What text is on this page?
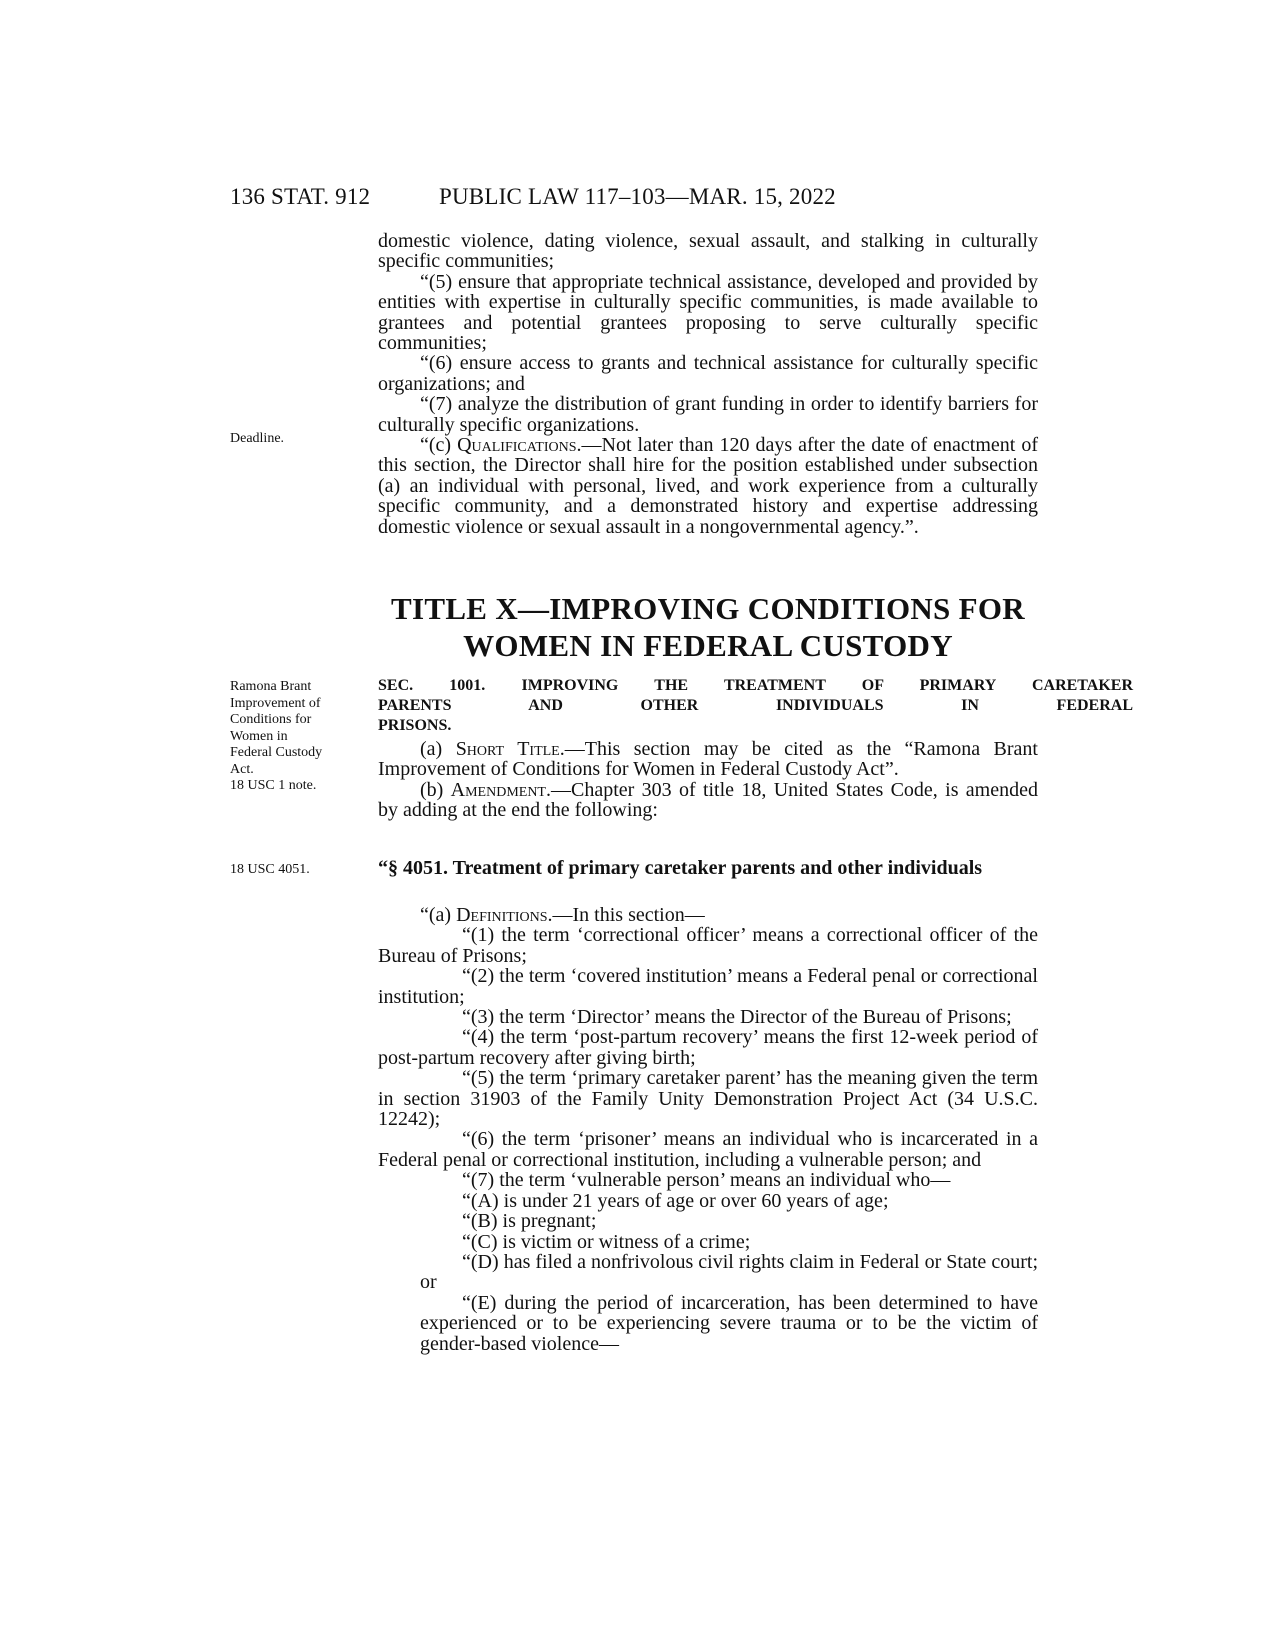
136 STAT. 912	PUBLIC LAW 117–103—MAR. 15, 2022

domestic violence, dating violence, sexual assault, and stalking in culturally specific communities;

“(5) ensure that appropriate technical assistance, developed and provided by entities with expertise in culturally specific communities, is made available to grantees and potential grantees proposing to serve culturally specific communities;

“(6) ensure access to grants and technical assistance for culturally specific organizations; and

“(7) analyze the distribution of grant funding in order to identify barriers for culturally specific organizations.

“(c) Qualifications.—Not later than 120 days after the date of enactment of this section, the Director shall hire for the position established under subsection (a) an individual with personal, lived, and work experience from a culturally specific community, and a demonstrated history and expertise addressing domestic violence or sexual assault in a nongovernmental agency.”.

Deadline.
TITLE X—IMPROVING CONDITIONS FOR
WOMEN IN FEDERAL CUSTODY

Ramona Brant

Improvement of

Conditions for

Women in

Federal Custody

Act.

18 USC 1 note.

SEC. 1001. IMPROVING THE TREATMENT OF PRIMARY CARETAKER
PARENTS AND OTHER INDIVIDUALS IN FEDERAL
PRISONS.

(a) Short Title.—This section may be cited as the “Ramona Brant Improvement of Conditions for Women in Federal Custody Act”.

(b) Amendment.—Chapter 303 of title 18, United States Code, is amended by adding at the end the following:

18 USC 4051.	“§ 4051. Treatment of primary caretaker parents and other individuals

“(a) Definitions.—In this section—

“(1) the term ‘correctional officer’ means a correctional officer of the Bureau of Prisons;

“(2) the term ‘covered institution’ means a Federal penal or correctional institution;

“(3) the term ‘Director’ means the Director of the Bureau of Prisons;

“(4) the term ‘post-partum recovery’ means the first 12-week period of post-partum recovery after giving birth;

“(5) the term ‘primary caretaker parent’ has the meaning given the term in section 31903 of the Family Unity Demonstration Project Act (34 U.S.C. 12242);

“(6) the term ‘prisoner’ means an individual who is incarcerated in a Federal penal or correctional institution, including a vulnerable person; and

“(7) the term ‘vulnerable person’ means an individual who—

“(A) is under 21 years of age or over 60 years of age;

“(B) is pregnant;

“(C) is victim or witness of a crime;

“(D) has filed a nonfrivolous civil rights claim in Federal or State court; or

“(E) during the period of incarceration, has been determined to have experienced or to be experiencing severe trauma or to be the victim of gender-based violence—
